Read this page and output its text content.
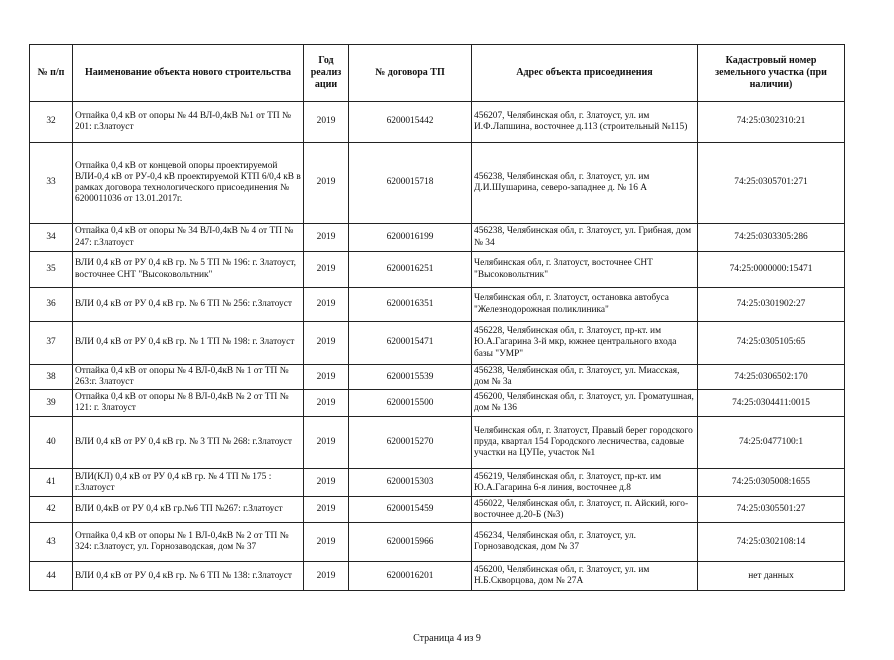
№ п/п	Наименование объекта нового строительства	Год реализ ации	№ договора ТП	Адрес объекта присоединения	Кадастровый номер земельного участка (при наличии)
32	Отпайка 0,4 кВ от опоры № 44 ВЛ-0,4кВ №1 от ТП № 201: г.Златоуст	2019	6200015442	456207, Челябинская обл, г. Златоуст, ул. им И.Ф.Лапшина, восточнее д.113 (строительный №115)	74:25:0302310:21
33	Отпайка 0,4 кВ от концевой опоры проектируемой ВЛИ-0,4 кВ от РУ-0,4 кВ проектируемой КТП 6/0,4 кВ в рамках договора технологического присоединения № 6200011036 от 13.01.2017г.	2019	6200015718	456238, Челябинская обл, г. Златоуст, ул. им Д.И.Шушарина, северо-западнее д. № 16 А	74:25:0305701:271
34	Отпайка 0,4 кВ от опоры № 34 ВЛ-0,4кВ № 4 от ТП № 247: г.Златоуст	2019	6200016199	456238, Челябинская обл, г. Златоуст, ул. Грибная, дом № 34	74:25:0303305:286
35	ВЛИ 0,4 кВ от РУ 0,4 кВ гр. № 5 ТП № 196: г. Златоуст, восточнее СНТ "Высоковольтник"	2019	6200016251	Челябинская обл, г. Златоуст, восточнее СНТ "Высоковольтник"	74:25:0000000:15471
36	ВЛИ 0,4 кВ от РУ 0,4 кВ гр. № 6 ТП № 256: г.Златоуст	2019	6200016351	Челябинская обл, г. Златоуст, остановка автобуса "Железнодорожная поликлиника"	74:25:0301902:27
37	ВЛИ 0,4 кВ от РУ 0,4 кВ гр. № 1 ТП № 198: г. Златоуст	2019	6200015471	456228, Челябинская обл, г. Златоуст, пр-кт. им Ю.А.Гагарина 3-й мкр, южнее центрального входа базы "УМР"	74:25:0305105:65
38	Отпайка 0,4 кВ от опоры № 4 ВЛ-0,4кВ № 1 от ТП № 263:г. Златоуст	2019	6200015539	456238, Челябинская обл, г. Златоуст, ул. Миасская, дом № 3а	74:25:0306502:170
39	Отпайка 0,4 кВ от опоры № 8 ВЛ-0,4кВ № 2 от ТП № 121: г. Златоуст	2019	6200015500	456200, Челябинская обл, г. Златоуст, ул. Громатушная, дом № 136	74:25:0304411:0015
40	ВЛИ 0,4 кВ от РУ 0,4 кВ гр. № 3 ТП № 268: г.Златоуст	2019	6200015270	Челябинская обл, г. Златоуст, Правый берег городского пруда, квартал 154 Городского лесничества, садовые участки на ЦУПе, участок №1	74:25:0477100:1
41	ВЛИ(КЛ) 0,4 кВ от РУ 0,4 кВ гр. № 4 ТП № 175 : г.Златоуст	2019	6200015303	456219, Челябинская обл, г. Златоуст, пр-кт. им Ю.А.Гагарина 6-я линия, восточнее д.8	74:25:0305008:1655
42	ВЛИ 0,4кВ от РУ 0,4 кВ гр.№6 ТП №267: г.Златоуст	2019	6200015459	456022, Челябинская обл, г. Златоуст, п. Айский, юго-восточнее д.20-Б (№3)	74:25:0305501:27
43	Отпайка 0,4 кВ от опоры № 1 ВЛ-0,4кВ № 2 от ТП № 324: г.Златоуст, ул. Горнозаводская, дом № 37	2019	6200015966	456234, Челябинская обл, г. Златоуст, ул. Горнозаводская, дом № 37	74:25:0302108:14
44	ВЛИ 0,4 кВ от РУ 0,4 кВ гр. № 6 ТП № 138: г.Златоуст	2019	6200016201	456200, Челябинская обл, г. Златоуст, ул. им Н.Б.Скворцова, дом № 27А	нет данных
Страница 4 из 9
